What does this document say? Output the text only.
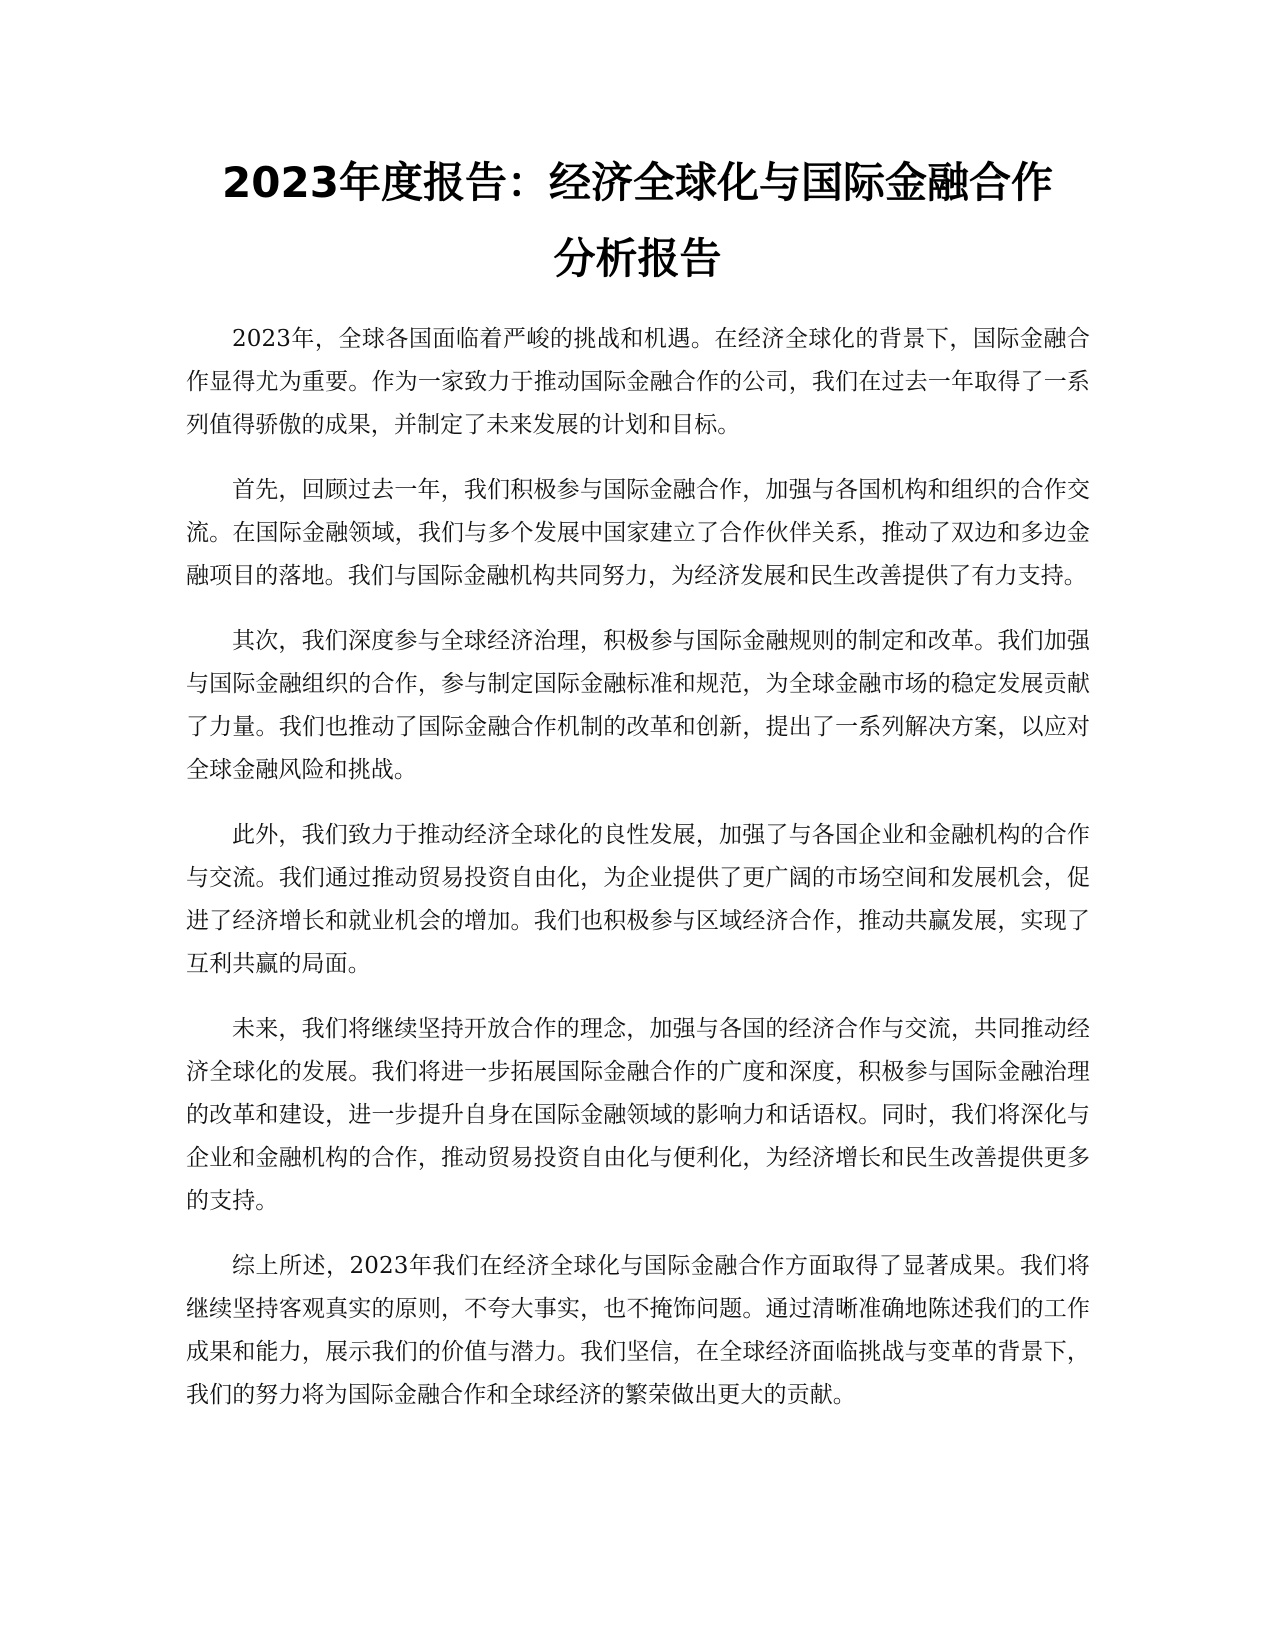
2023年度报告：经济全球化与国际金融合作
分析报告

2023年，全球各国面临着严峻的挑战和机遇。在经济全球化的背景下，国际金融合作显得尤为重要。作为一家致力于推动国际金融合作的公司，我们在过去一年取得了一系列值得骄傲的成果，并制定了未来发展的计划和目标。

首先，回顾过去一年，我们积极参与国际金融合作，加强与各国机构和组织的合作交流。在国际金融领域，我们与多个发展中国家建立了合作伙伴关系，推动了双边和多边金融项目的落地。我们与国际金融机构共同努力，为经济发展和民生改善提供了有力支持。

其次，我们深度参与全球经济治理，积极参与国际金融规则的制定和改革。我们加强与国际金融组织的合作，参与制定国际金融标准和规范，为全球金融市场的稳定发展贡献了力量。我们也推动了国际金融合作机制的改革和创新，提出了一系列解决方案，以应对全球金融风险和挑战。

此外，我们致力于推动经济全球化的良性发展，加强了与各国企业和金融机构的合作与交流。我们通过推动贸易投资自由化，为企业提供了更广阔的市场空间和发展机会，促进了经济增长和就业机会的增加。我们也积极参与区域经济合作，推动共赢发展，实现了互利共赢的局面。

未来，我们将继续坚持开放合作的理念，加强与各国的经济合作与交流，共同推动经济全球化的发展。我们将进一步拓展国际金融合作的广度和深度，积极参与国际金融治理的改革和建设，进一步提升自身在国际金融领域的影响力和话语权。同时，我们将深化与企业和金融机构的合作，推动贸易投资自由化与便利化，为经济增长和民生改善提供更多的支持。

综上所述，2023年我们在经济全球化与国际金融合作方面取得了显著成果。我们将继续坚持客观真实的原则，不夸大事实，也不掩饰问题。通过清晰准确地陈述我们的工作成果和能力，展示我们的价值与潜力。我们坚信，在全球经济面临挑战与变革的背景下，我们的努力将为国际金融合作和全球经济的繁荣做出更大的贡献。
